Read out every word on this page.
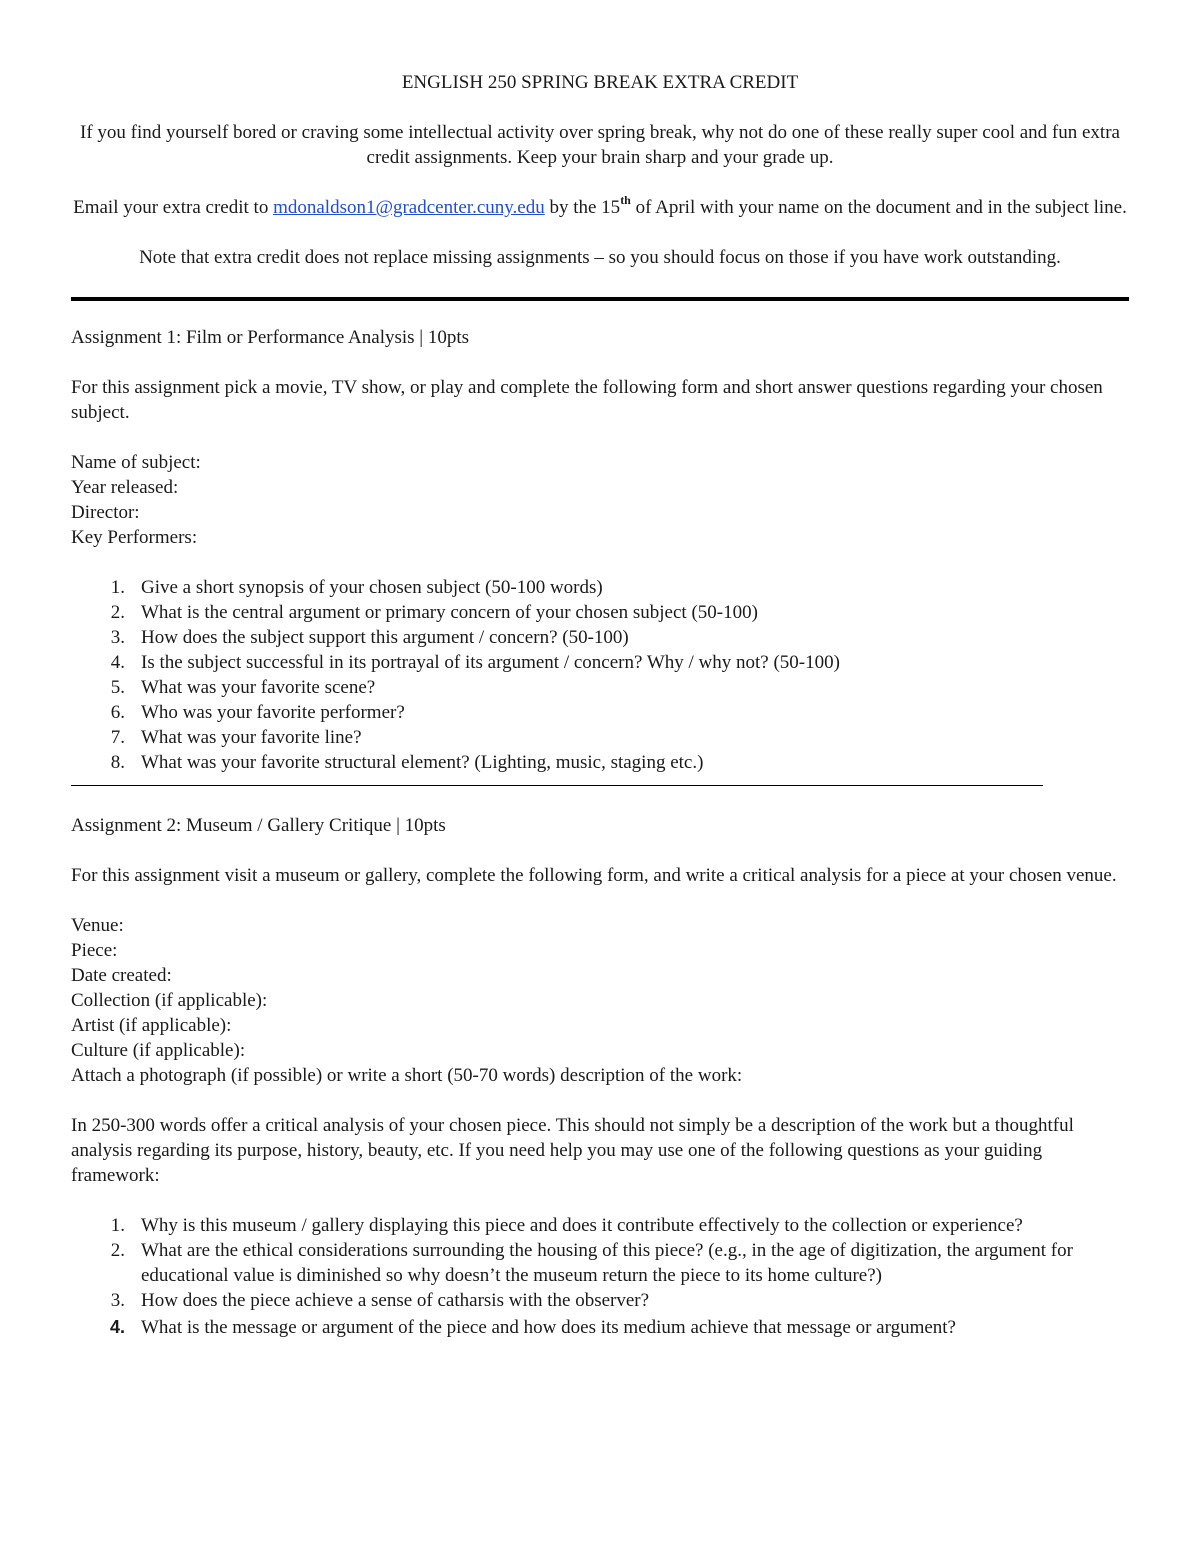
ENGLISH 250 SPRING BREAK EXTRA CREDIT

If you find yourself bored or craving some intellectual activity over spring break, why not do one of these really super cool and fun extra credit assignments. Keep your brain sharp and your grade up.

Email your extra credit to mdonaldson1@gradcenter.cuny.edu by the 15th of April with your name on the document and in the subject line.

Note that extra credit does not replace missing assignments – so you should focus on those if you have work outstanding.

Assignment 1: Film or Performance Analysis | 10pts

For this assignment pick a movie, TV show, or play and complete the following form and short answer questions regarding your chosen subject.

Name of subject:

Year released:

Director:

Key Performers:

1. Give a short synopsis of your chosen subject (50-100 words)
2. What is the central argument or primary concern of your chosen subject (50-100)
3. How does the subject support this argument / concern? (50-100)
4. Is the subject successful in its portrayal of its argument / concern? Why / why not? (50-100)
5. What was your favorite scene?
6. Who was your favorite performer?
7. What was your favorite line?
8. What was your favorite structural element? (Lighting, music, staging etc.)

Assignment 2: Museum / Gallery Critique | 10pts

For this assignment visit a museum or gallery, complete the following form, and write a critical analysis for a piece at your chosen venue.

Venue:

Piece:

Date created:

Collection (if applicable):

Artist (if applicable):

Culture (if applicable):

Attach a photograph (if possible) or write a short (50-70 words) description of the work:

In 250-300 words offer a critical analysis of your chosen piece. This should not simply be a description of the work but a thoughtful analysis regarding its purpose, history, beauty, etc. If you need help you may use one of the following questions as your guiding framework:

1. Why is this museum / gallery displaying this piece and does it contribute effectively to the collection or experience?
2. What are the ethical considerations surrounding the housing of this piece? (e.g., in the age of digitization, the argument for educational value is diminished so why doesn’t the museum return the piece to its home culture?)
3. How does the piece achieve a sense of catharsis with the observer?
4. What is the message or argument of the piece and how does its medium achieve that message or argument?
